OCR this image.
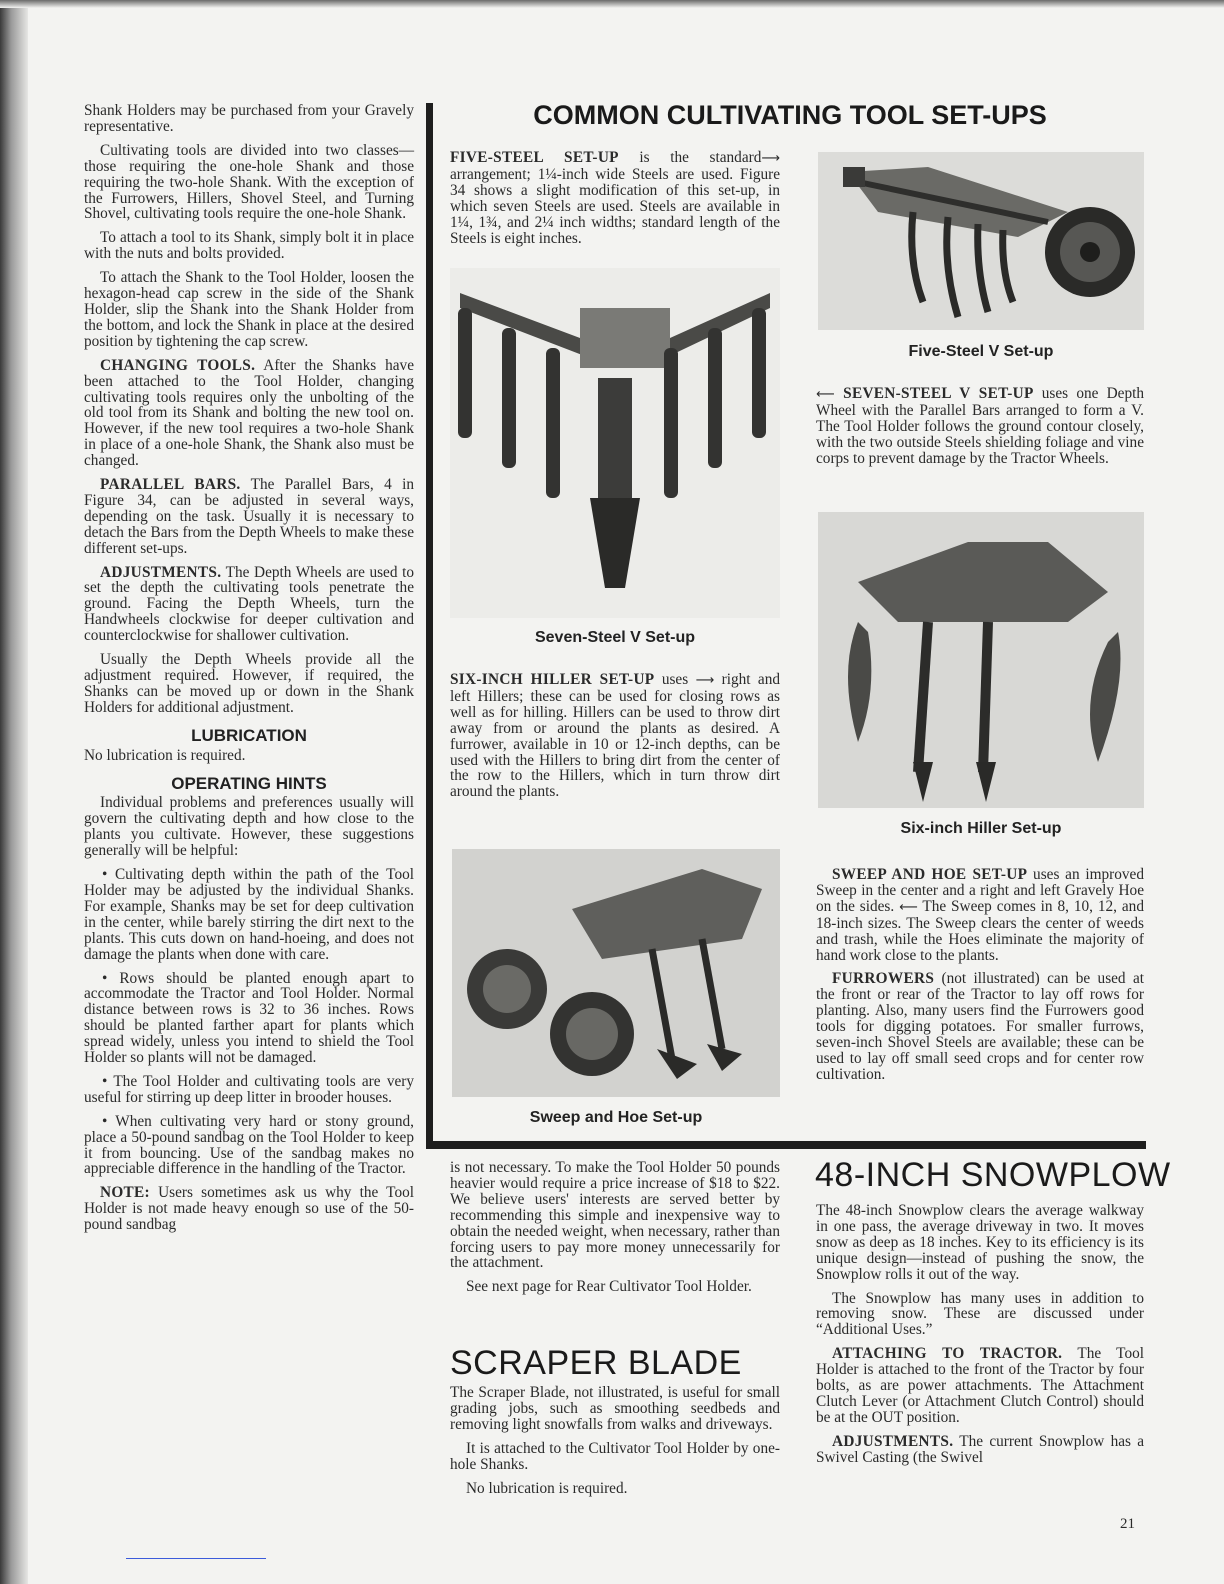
Shank Holders may be purchased from your Gravely representative.

Cultivating tools are divided into two classes—those requiring the one-hole Shank and those requiring the two-hole Shank. With the exception of the Furrowers, Hillers, Shovel Steel, and Turning Shovel, cultivating tools require the one-hole Shank.

To attach a tool to its Shank, simply bolt it in place with the nuts and bolts provided.

To attach the Shank to the Tool Holder, loosen the hexagon-head cap screw in the side of the Shank Holder, slip the Shank into the Shank Holder from the bottom, and lock the Shank in place at the desired position by tightening the cap screw.

CHANGING TOOLS. After the Shanks have been attached to the Tool Holder, changing cultivating tools requires only the unbolting of the old tool from its Shank and bolting the new tool on. However, if the new tool requires a two-hole Shank in place of a one-hole Shank, the Shank also must be changed.

PARALLEL BARS. The Parallel Bars, 4 in Figure 34, can be adjusted in several ways, depending on the task. Usually it is necessary to detach the Bars from the Depth Wheels to make these different set-ups.

ADJUSTMENTS. The Depth Wheels are used to set the depth the cultivating tools penetrate the ground. Facing the Depth Wheels, turn the Handwheels clockwise for deeper cultivation and counterclockwise for shallower cultivation.

Usually the Depth Wheels provide all the adjustment required. However, if required, the Shanks can be moved up or down in the Shank Holders for additional adjustment.

LUBRICATION

No lubrication is required.

OPERATING HINTS

Individual problems and preferences usually will govern the cultivating depth and how close to the plants you cultivate. However, these suggestions generally will be helpful:

• Cultivating depth within the path of the Tool Holder may be adjusted by the individual Shanks. For example, Shanks may be set for deep cultivation in the center, while barely stirring the dirt next to the plants. This cuts down on hand-hoeing, and does not damage the plants when done with care.

• Rows should be planted enough apart to accommodate the Tractor and Tool Holder. Normal distance between rows is 32 to 36 inches. Rows should be planted farther apart for plants which spread widely, unless you intend to shield the Tool Holder so plants will not be damaged.

• The Tool Holder and cultivating tools are very useful for stirring up deep litter in brooder houses.

• When cultivating very hard or stony ground, place a 50-pound sandbag on the Tool Holder to keep it from bouncing. Use of the sandbag makes no appreciable difference in the handling of the Tractor.

NOTE: Users sometimes ask us why the Tool Holder is not made heavy enough so use of the 50-pound sandbag

COMMON CULTIVATING TOOL SET-UPS

FIVE-STEEL SET-UP is the standard⟶ arrangement; 1¼-inch wide Steels are used. Figure 34 shows a slight modification of this set-up, in which seven Steels are used. Steels are available in 1¼, 1¾, and 2¼ inch widths; standard length of the Steels is eight inches.

Five-Steel V Set-up
Seven-Steel V Set-up

⟵ SEVEN-STEEL V SET-UP uses one Depth Wheel with the Parallel Bars arranged to form a V. The Tool Holder follows the ground contour closely, with the two outside Steels shielding foliage and vine corps to prevent damage by the Tractor Wheels.

Six-inch Hiller Set-up

SIX-INCH HILLER SET-UP uses ⟶ right and left Hillers; these can be used for closing rows as well as for hilling. Hillers can be used to throw dirt away from or around the plants as desired. A furrower, available in 10 or 12-inch depths, can be used with the Hillers to bring dirt from the center of the row to the Hillers, which in turn throw dirt around the plants.

Sweep and Hoe Set-up

SWEEP AND HOE SET-UP uses an improved Sweep in the center and a right and left Gravely Hoe on the sides. ⟵ The Sweep comes in 8, 10, 12, and 18-inch sizes. The Sweep clears the center of weeds and trash, while the Hoes eliminate the majority of hand work close to the plants.

FURROWERS (not illustrated) can be used at the front or rear of the Tractor to lay off rows for planting. Also, many users find the Furrowers good tools for digging potatoes. For smaller furrows, seven-inch Shovel Steels are available; these can be used to lay off small seed crops and for center row cultivation.

is not necessary. To make the Tool Holder 50 pounds heavier would require a price increase of $18 to $22. We believe users' interests are served better by recommending this simple and inexpensive way to obtain the needed weight, when necessary, rather than forcing users to pay more money unnecessarily for the attachment.

See next page for Rear Cultivator Tool Holder.

SCRAPER BLADE

The Scraper Blade, not illustrated, is useful for small grading jobs, such as smoothing seedbeds and removing light snowfalls from walks and driveways.

It is attached to the Cultivator Tool Holder by one-hole Shanks.

No lubrication is required.

48-INCH SNOWPLOW

The 48-inch Snowplow clears the average walkway in one pass, the average driveway in two. It moves snow as deep as 18 inches. Key to its efficiency is its unique design—instead of pushing the snow, the Snowplow rolls it out of the way.

The Snowplow has many uses in addition to removing snow. These are discussed under “Additional Uses.”

ATTACHING TO TRACTOR. The Tool Holder is attached to the front of the Tractor by four bolts, as are power attachments. The Attachment Clutch Lever (or Attachment Clutch Control) should be at the OUT position.

ADJUSTMENTS. The current Snowplow has a Swivel Casting (the Swivel

21
